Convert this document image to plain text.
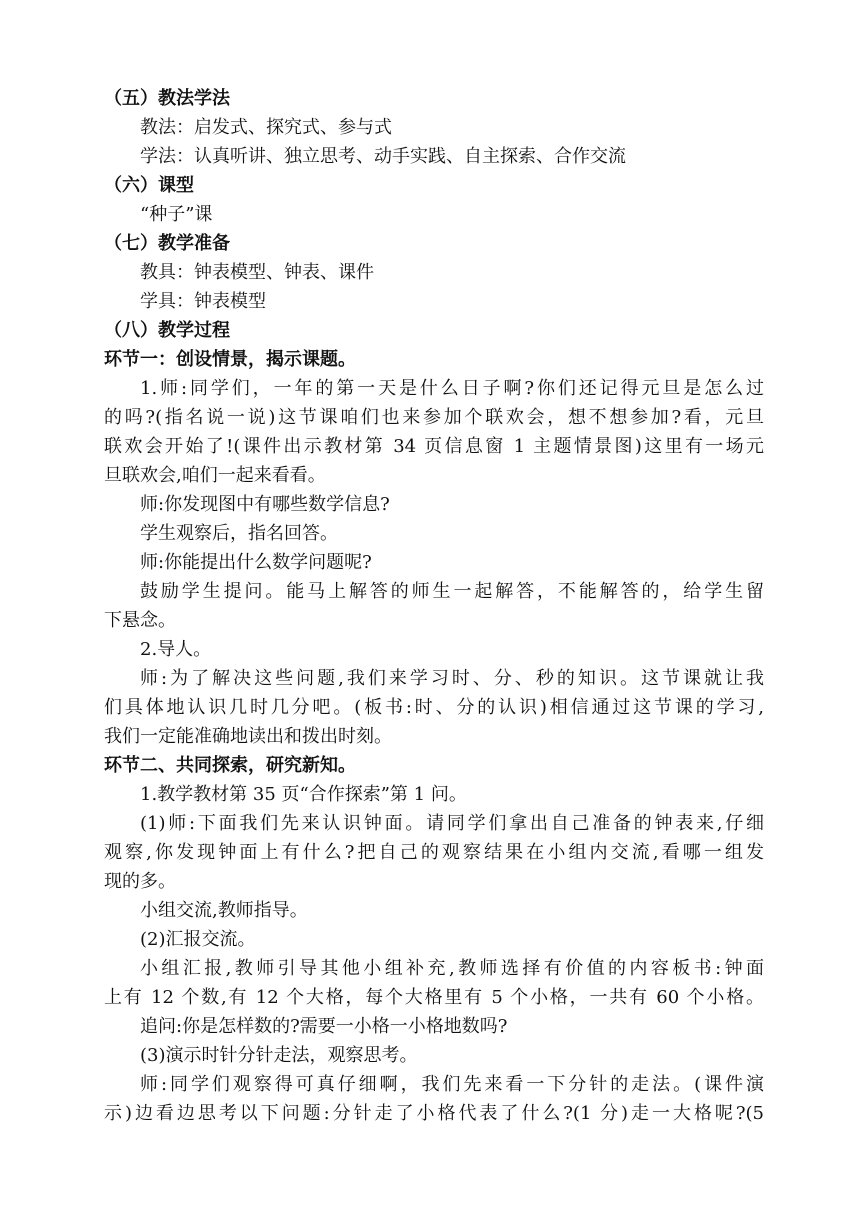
（五）教法学法
教法：启发式、探究式、参与式
学法：认真听讲、独立思考、动手实践、自主探索、合作交流
（六）课型
“种子”课
（七）教学准备
教具：钟表模型、钟表、课件
学具：钟表模型
（八）教学过程
环节一：创设情景，揭示课题。
1.师:同学们，一年的第一天是什么日子啊?你们还记得元旦是怎么过
的吗?(指名说一说)这节课咱们也来参加个联欢会，想不想参加?看，元旦
联欢会开始了!(课件出示教材第 34 页信息窗 1 主题情景图)这里有一场元
旦联欢会,咱们一起来看看。
师:你发现图中有哪些数学信息?
学生观察后，指名回答。
师:你能提出什么数学问题呢?
鼓励学生提问。能马上解答的师生一起解答，不能解答的，给学生留
下悬念。
2.导人。
师:为了解决这些问题,我们来学习时、分、秒的知识。这节课就让我
们具体地认识几时几分吧。(板书:时、分的认识)相信通过这节课的学习,
我们一定能准确地读出和拨出时刻。
环节二、共同探索，研究新知。
1.教学教材第 35 页“合作探索”第 1 问。
(1)师:下面我们先来认识钟面。请同学们拿出自己准备的钟表来,仔细
观察,你发现钟面上有什么?把自己的观察结果在小组内交流,看哪一组发
现的多。
小组交流,教师指导。
(2)汇报交流。
小组汇报,教师引导其他小组补充,教师选择有价值的内容板书:钟面
上有 12 个数,有 12 个大格，每个大格里有 5 个小格，一共有 60 个小格。
追问:你是怎样数的?需要一小格一小格地数吗?
(3)演示时针分针走法，观察思考。
师:同学们观察得可真仔细啊，我们先来看一下分针的走法。(课件演
示)边看边思考以下问题:分针走了小格代表了什么?(1 分)走一大格呢?(5
